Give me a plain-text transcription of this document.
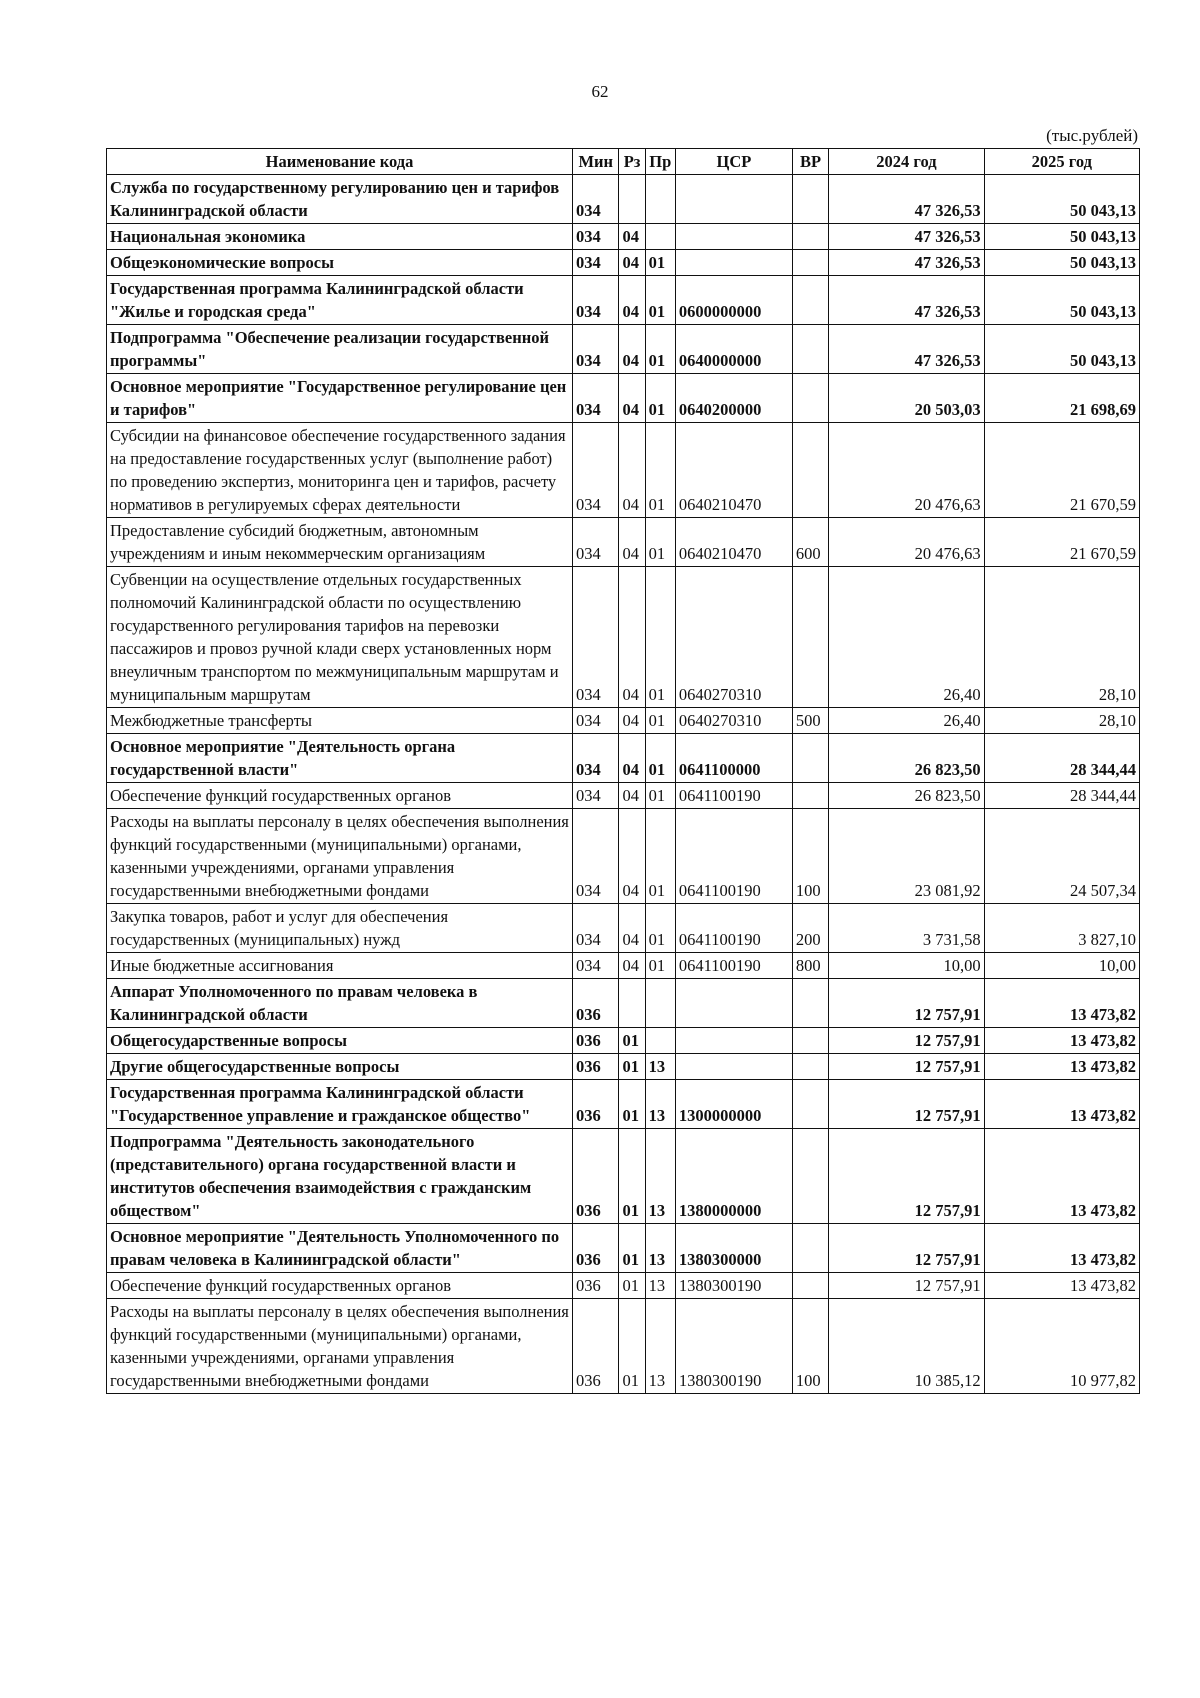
62
(тыс.рублей)
Наименование кода	Мин	Рз	Пр	ЦСР	ВР	2024 год	2025 год
Служба по государственному регулированию цен и тарифов Калининградской области	034					47 326,53	50 043,13
Национальная экономика	034	04				47 326,53	50 043,13
Общеэкономические вопросы	034	04	01			47 326,53	50 043,13
Государственная программа Калининградской области "Жилье и городская среда"	034	04	01	0600000000		47 326,53	50 043,13
Подпрограмма "Обеспечение реализации государственной программы"	034	04	01	0640000000		47 326,53	50 043,13
Основное мероприятие "Государственное регулирование цен и тарифов"	034	04	01	0640200000		20 503,03	21 698,69
Субсидии на финансовое обеспечение государственного задания на предоставление государственных услуг (выполнение работ) по проведению экспертиз, мониторинга цен и тарифов, расчету нормативов в регулируемых сферах деятельности	034	04	01	0640210470		20 476,63	21 670,59
Предоставление субсидий бюджетным, автономным учреждениям и иным некоммерческим организациям	034	04	01	0640210470	600	20 476,63	21 670,59
Субвенции на осуществление отдельных государственных полномочий Калининградской области по осуществлению государственного регулирования тарифов на перевозки пассажиров и провоз ручной клади сверх установленных норм внеуличным транспортом по межмуниципальным маршрутам и муниципальным маршрутам	034	04	01	0640270310		26,40	28,10
Межбюджетные трансферты	034	04	01	0640270310	500	26,40	28,10
Основное мероприятие "Деятельность органа государственной власти"	034	04	01	0641100000		26 823,50	28 344,44
Обеспечение функций государственных органов	034	04	01	0641100190		26 823,50	28 344,44
Расходы на выплаты персоналу в целях обеспечения выполнения функций государственными (муниципальными) органами, казенными учреждениями, органами управления государственными внебюджетными фондами	034	04	01	0641100190	100	23 081,92	24 507,34
Закупка товаров, работ и услуг для обеспечения государственных (муниципальных) нужд	034	04	01	0641100190	200	3 731,58	3 827,10
Иные бюджетные ассигнования	034	04	01	0641100190	800	10,00	10,00
Аппарат Уполномоченного по правам человека в Калининградской области	036					12 757,91	13 473,82
Общегосударственные вопросы	036	01				12 757,91	13 473,82
Другие общегосударственные вопросы	036	01	13			12 757,91	13 473,82
Государственная программа Калининградской области "Государственное управление и гражданское общество"	036	01	13	1300000000		12 757,91	13 473,82
Подпрограмма "Деятельность законодательного (представительного) органа государственной власти и институтов обеспечения взаимодействия с гражданским обществом"	036	01	13	1380000000		12 757,91	13 473,82
Основное мероприятие "Деятельность Уполномоченного по правам человека в Калининградской области"	036	01	13	1380300000		12 757,91	13 473,82
Обеспечение функций государственных органов	036	01	13	1380300190		12 757,91	13 473,82
Расходы на выплаты персоналу в целях обеспечения выполнения функций государственными (муниципальными) органами, казенными учреждениями, органами управления государственными внебюджетными фондами	036	01	13	1380300190	100	10 385,12	10 977,82
